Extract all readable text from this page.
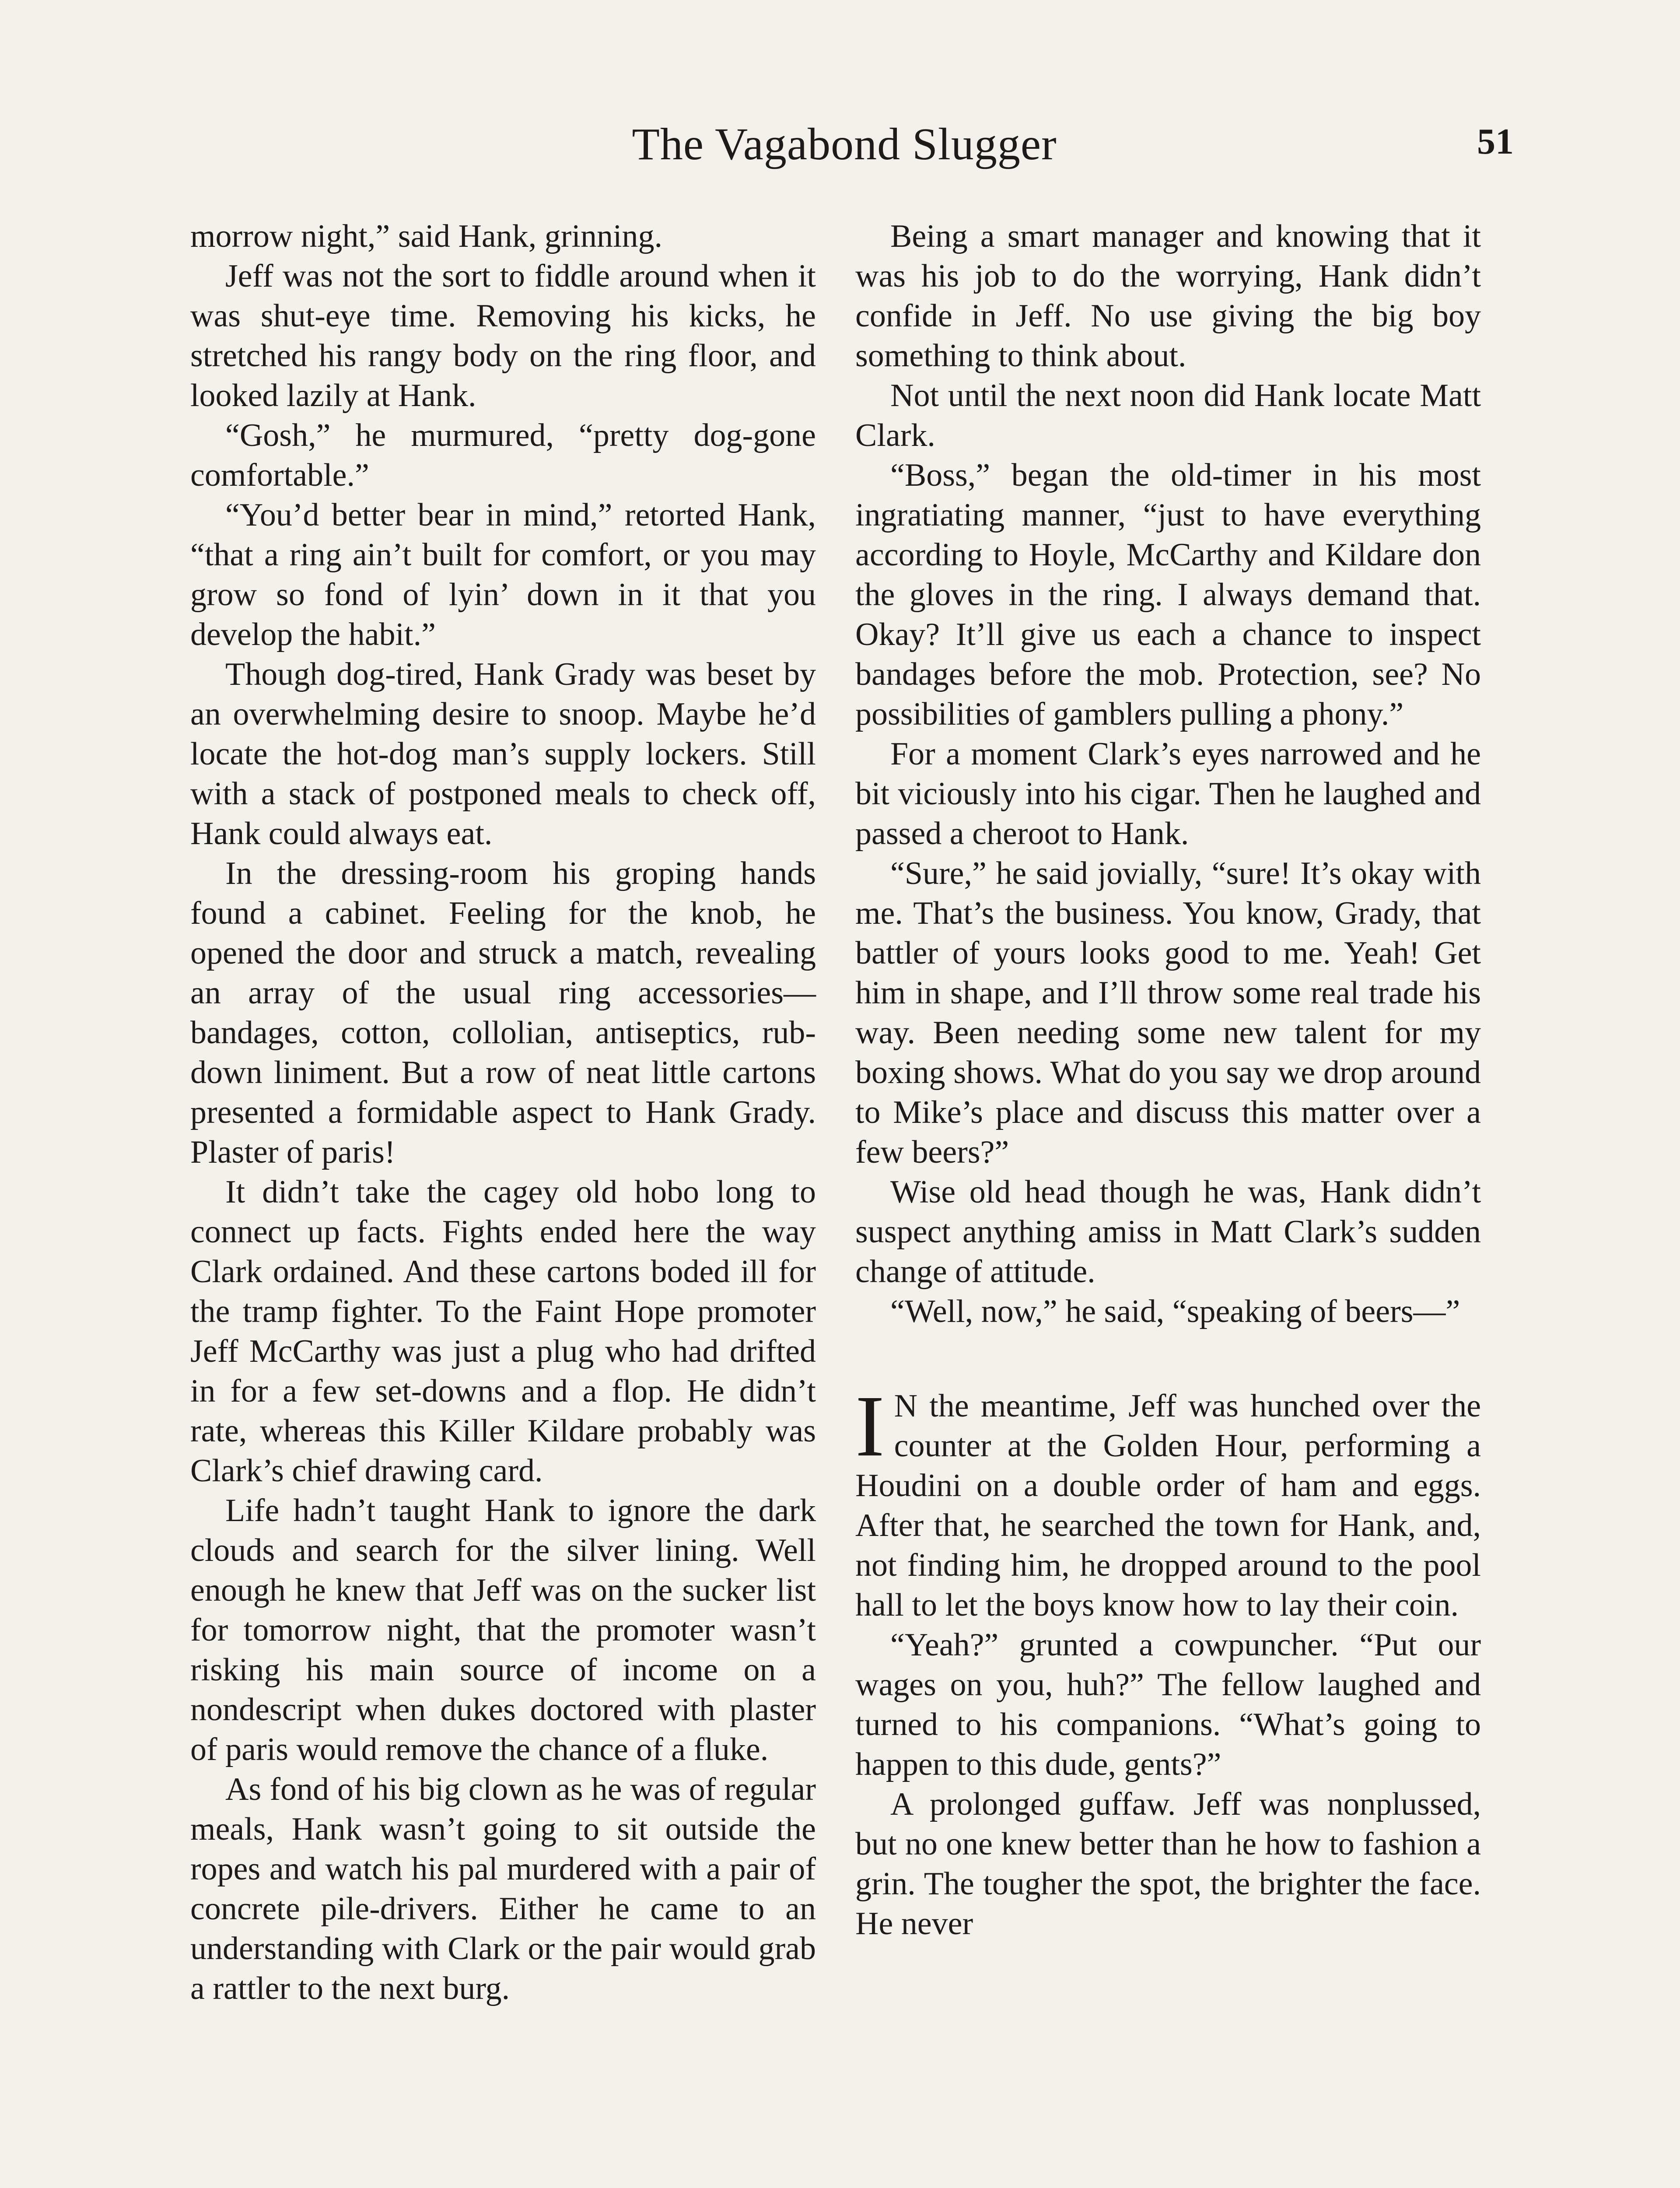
The Vagabond Slugger	51

morrow night,” said Hank, grinning.

Jeff was not the sort to fiddle around when it was shut-eye time. Removing his kicks, he stretched his rangy body on the ring floor, and looked lazily at Hank.

“Gosh,” he murmured, “pretty dog-gone comfortable.”

“You’d better bear in mind,” retorted Hank, “that a ring ain’t built for comfort, or you may grow so fond of lyin’ down in it that you develop the habit.”

Though dog-tired, Hank Grady was beset by an overwhelming desire to snoop. Maybe he’d locate the hot-dog man’s supply lockers. Still with a stack of postponed meals to check off, Hank could always eat.

In the dressing-room his groping hands found a cabinet. Feeling for the knob, he opened the door and struck a match, revealing an array of the usual ring accessories—bandages, cotton, collolian, antiseptics, rub-down liniment. But a row of neat little cartons presented a formidable aspect to Hank Grady. Plaster of paris!

It didn’t take the cagey old hobo long to connect up facts. Fights ended here the way Clark ordained. And these cartons boded ill for the tramp fighter. To the Faint Hope promoter Jeff McCarthy was just a plug who had drifted in for a few set-downs and a flop. He didn’t rate, whereas this Killer Kildare probably was Clark’s chief drawing card.

Life hadn’t taught Hank to ignore the dark clouds and search for the silver lining. Well enough he knew that Jeff was on the sucker list for tomorrow night, that the promoter wasn’t risking his main source of income on a nondescript when dukes doctored with plaster of paris would remove the chance of a fluke.

As fond of his big clown as he was of regular meals, Hank wasn’t going to sit outside the ropes and watch his pal murdered with a pair of concrete pile-drivers. Either he came to an understanding with Clark or the pair would grab a rattler to the next burg.

Being a smart manager and knowing that it was his job to do the worrying, Hank didn’t confide in Jeff. No use giving the big boy something to think about.

Not until the next noon did Hank locate Matt Clark.

“Boss,” began the old-timer in his most ingratiating manner, “just to have everything according to Hoyle, McCarthy and Kildare don the gloves in the ring. I always demand that. Okay? It’ll give us each a chance to inspect bandages before the mob. Protection, see? No possibilities of gamblers pulling a phony.”

For a moment Clark’s eyes narrowed and he bit viciously into his cigar. Then he laughed and passed a cheroot to Hank.

“Sure,” he said jovially, “sure! It’s okay with me. That’s the business. You know, Grady, that battler of yours looks good to me. Yeah! Get him in shape, and I’ll throw some real trade his way. Been needing some new talent for my boxing shows. What do you say we drop around to Mike’s place and discuss this matter over a few beers?”

Wise old head though he was, Hank didn’t suspect anything amiss in Matt Clark’s sudden change of attitude.

“Well, now,” he said, “speaking of beers—”

I N the meantime, Jeff was hunched over the counter at the Golden Hour, performing a Houdini on a double order of ham and eggs. After that, he searched the town for Hank, and, not finding him, he dropped around to the pool hall to let the boys know how to lay their coin.

“Yeah?” grunted a cowpuncher. “Put our wages on you, huh?” The fellow laughed and turned to his companions. “What’s going to happen to this dude, gents?”

A prolonged guffaw. Jeff was nonplussed, but no one knew better than he how to fashion a grin. The tougher the spot, the brighter the face. He never
